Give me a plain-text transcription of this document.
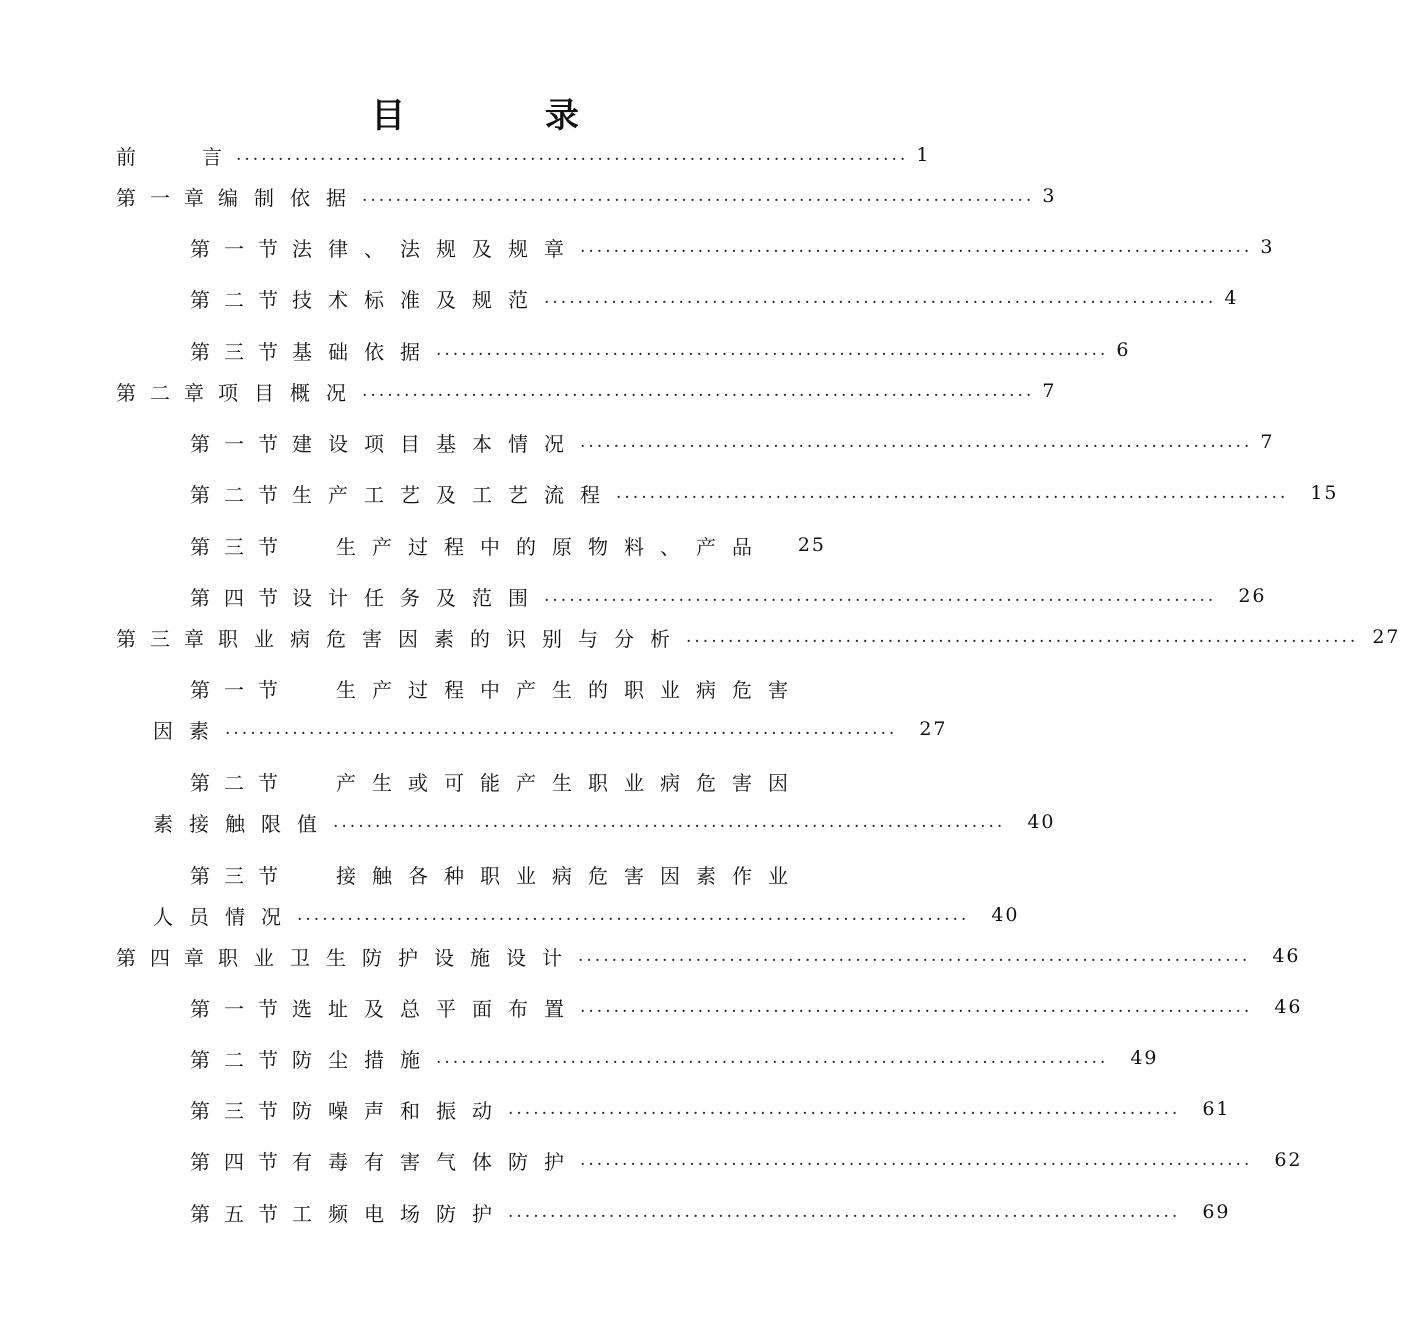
目 录
前	言 ................................................................................ 1
第一章 编制依据 ................................................................................ 3
第一节 法律、法规及规章 ................................................................................ 3
第二节 技术标准及规范 ................................................................................ 4
第三节 基础依据 ................................................................................ 6
第二章 项目概况 ................................................................................ 7
第一节 建设项目基本情况 ................................................................................ 7
第二节 生产工艺及工艺流程 ................................................................................ 15
第三节	生产过程中的原物料、产品 25
第四节 设计任务及范围 ................................................................................ 26
第三章 职业病危害因素的识别与分析 ................................................................................ 27
第一节	生产过程中产生的职业病危害
因素 ................................................................................ 27
第二节	产生或可能产生职业病危害因
素接触限值 ................................................................................ 40
第三节	接触各种职业病危害因素作业
人员情况 ................................................................................ 40
第四章 职业卫生防护设施设计 ................................................................................ 46
第一节 选址及总平面布置 ................................................................................ 46
第二节 防尘措施 ................................................................................ 49
第三节 防噪声和振动 ................................................................................ 61
第四节 有毒有害气体防护 ................................................................................ 62
第五节 工频电场防护 ................................................................................ 69
